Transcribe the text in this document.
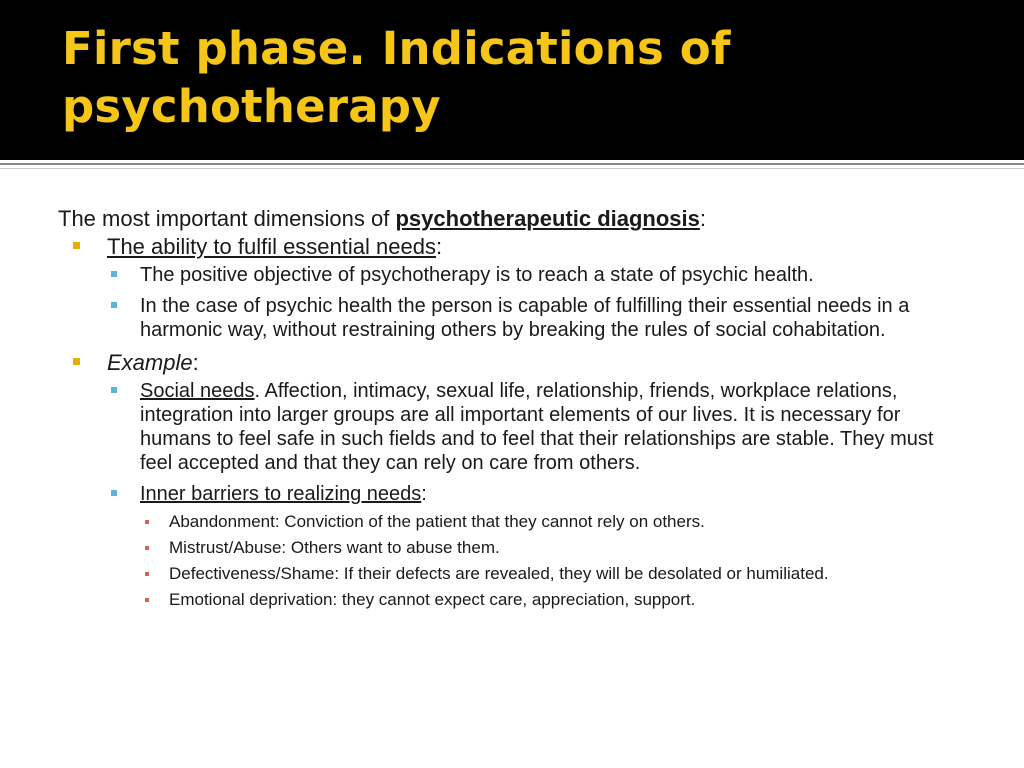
First phase. Indications of psychotherapy

The most important dimensions of psychotherapeutic diagnosis:

The ability to fulfil essential needs:
The positive objective of psychotherapy is to reach a state of psychic health.
In the case of psychic health the person is capable of fulfilling their essential needs in a harmonic way, without restraining others by breaking the rules of social cohabitation.
Example:
Social needs. Affection, intimacy, sexual life, relationship, friends, workplace relations, integration into larger groups are all important elements of our lives. It is necessary for humans to feel safe in such fields and to feel that their relationships are stable. They must feel accepted and that they can rely on care from others.
Inner barriers to realizing needs:
Abandonment: Conviction of the patient that they cannot rely on others.
Mistrust/Abuse: Others want to abuse them.
Defectiveness/Shame: If their defects are revealed, they will be desolated or humiliated.
Emotional deprivation: they cannot expect care, appreciation, support.
